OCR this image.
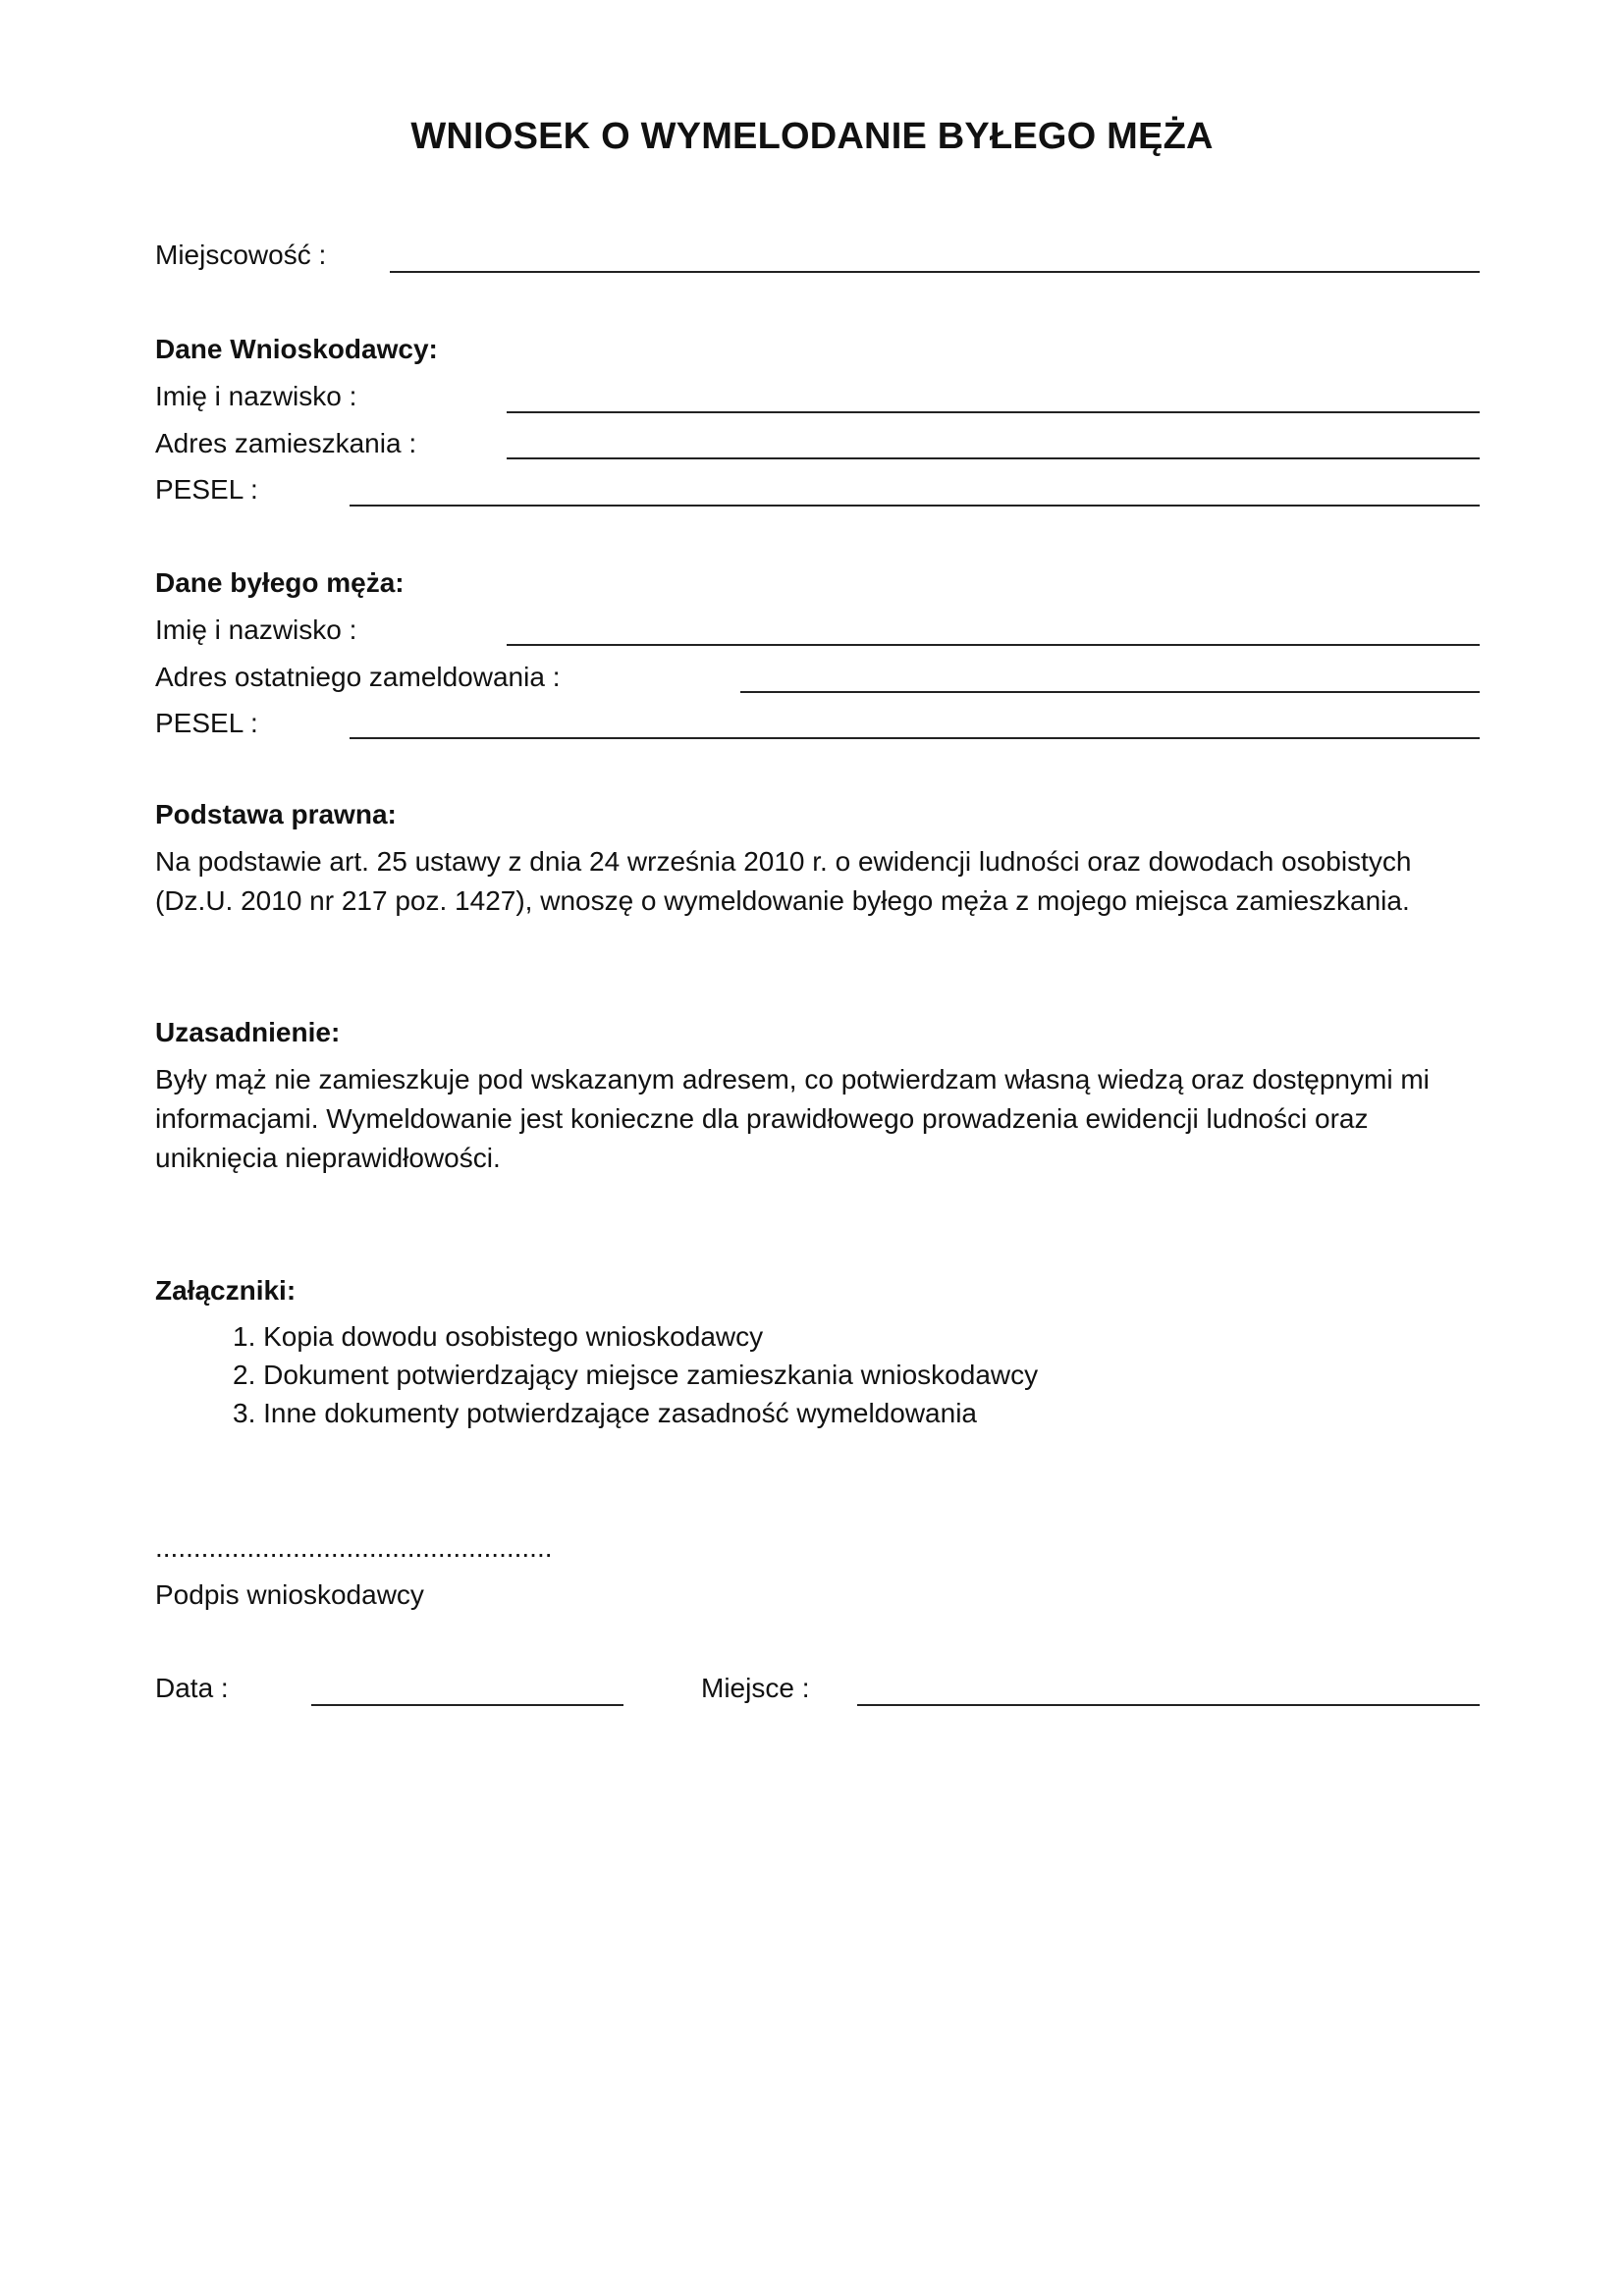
WNIOSEK O WYMELODANIE BYŁEGO MĘŻA
Miejscowość :
Dane Wnioskodawcy:
Imię i nazwisko :
Adres zamieszkania :
PESEL :
Dane byłego męża:
Imię i nazwisko :
Adres ostatniego zameldowania :
PESEL :
Podstawa prawna:
Na podstawie art. 25 ustawy z dnia 24 września 2010 r. o ewidencji ludności oraz dowodach osobistych
(Dz.U. 2010 nr 217 poz. 1427), wnoszę o wymeldowanie byłego męża z mojego miejsca zamieszkania.
Uzasadnienie:
Były mąż nie zamieszkuje pod wskazanym adresem, co potwierdzam własną wiedzą oraz dostępnymi mi
informacjami. Wymeldowanie jest konieczne dla prawidłowego prowadzenia ewidencji ludności oraz
uniknięcia nieprawidłowości.
Załączniki:
1. Kopia dowodu osobistego wnioskodawcy
2. Dokument potwierdzający miejsce zamieszkania wnioskodawcy
3. Inne dokumenty potwierdzające zasadność wymeldowania
....................................................
Podpis wnioskodawcy
Data :	Miejsce :
